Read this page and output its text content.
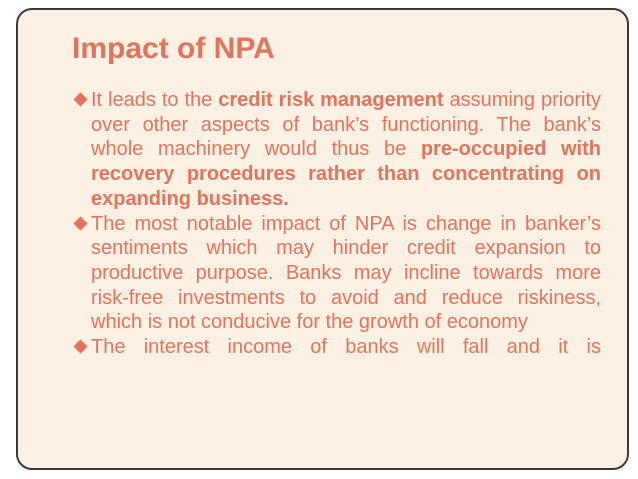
Impact of NPA
It leads to the credit risk management assuming priority over other aspects of bank’s functioning. The bank’s whole machinery would thus be pre-occupied with recovery procedures rather than concentrating on expanding business.
The most notable impact of NPA is change in banker’s sentiments which may hinder credit expansion to productive purpose. Banks may incline towards more risk-free investments to avoid and reduce riskiness, which is not conducive for the growth of economy
The interest income of banks will fall and it is
